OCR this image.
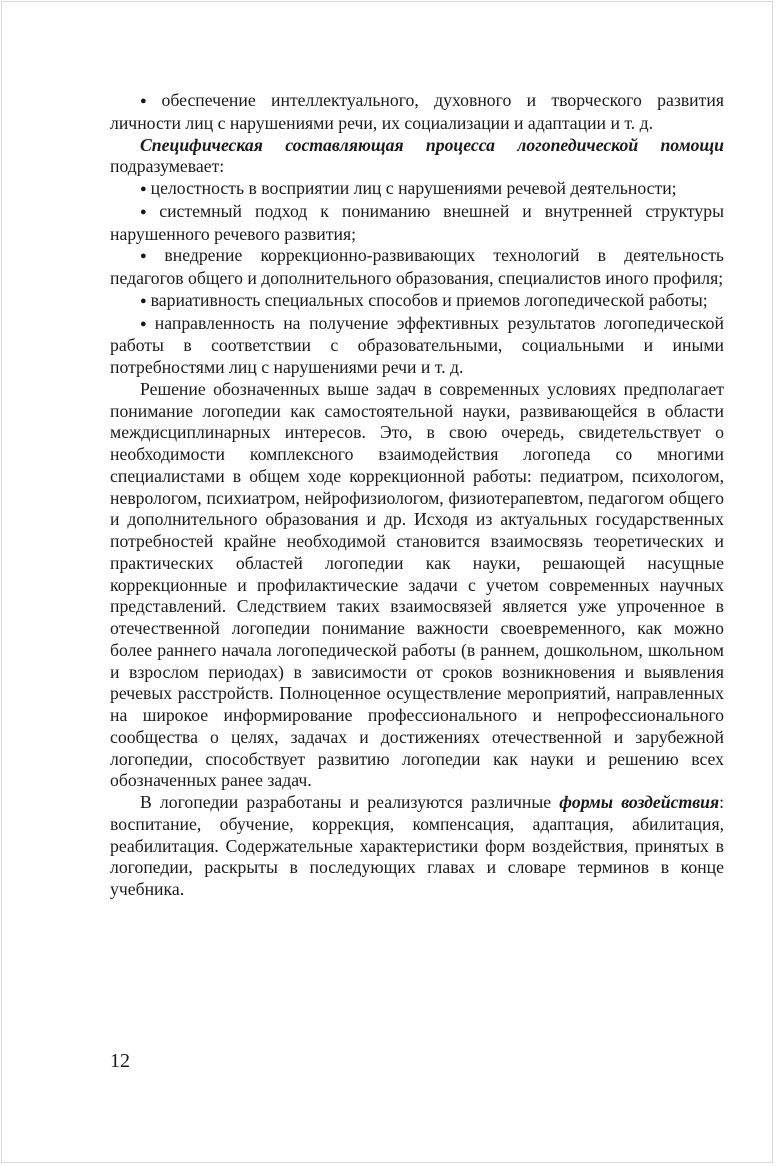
● обеспечение интеллектуального, духовного и творческого развития личности лиц с нарушениями речи, их социализации и адаптации и т. д.

Специфическая составляющая процесса логопедической помощи подразумевает:

● целостность в восприятии лиц с нарушениями речевой деятельности;

● системный подход к пониманию внешней и внутренней структуры нарушенного речевого развития;

● внедрение коррекционно-развивающих технологий в деятельность педагогов общего и дополнительного образования, специалистов иного профиля;

● вариативность специальных способов и приемов логопедической работы;

● направленность на получение эффективных результатов логопедической работы в соответствии с образовательными, социальными и иными потребностями лиц с нарушениями речи и т. д.

Решение обозначенных выше задач в современных условиях предполагает понимание логопедии как самостоятельной науки, развивающейся в области междисциплинарных интересов. Это, в свою очередь, свидетельствует о необходимости комплексного взаимодействия логопеда со многими специалистами в общем ходе коррекционной работы: педиатром, психологом, неврологом, психиатром, нейрофизиологом, физиотерапевтом, педагогом общего и дополнительного образования и др. Исходя из актуальных государственных потребностей крайне необходимой становится взаимосвязь теоретических и практических областей логопедии как науки, решающей насущные коррекционные и профилактические задачи с учетом современных научных представлений. Следствием таких взаимосвязей является уже упроченное в отечественной логопедии понимание важности своевременного, как можно более раннего начала логопедической работы (в раннем, дошкольном, школьном и взрослом периодах) в зависимости от сроков возникновения и выявления речевых расстройств. Полноценное осуществление мероприятий, направленных на широкое информирование профессионального и непрофессионального сообщества о целях, задачах и достижениях отечественной и зарубежной логопедии, способствует развитию логопедии как науки и решению всех обозначенных ранее задач.

В логопедии разработаны и реализуются различные формы воздействия: воспитание, обучение, коррекция, компенсация, адаптация, абилитация, реабилитация. Содержательные характеристики форм воздействия, принятых в логопедии, раскрыты в последующих главах и словаре терминов в конце учебника.

12
